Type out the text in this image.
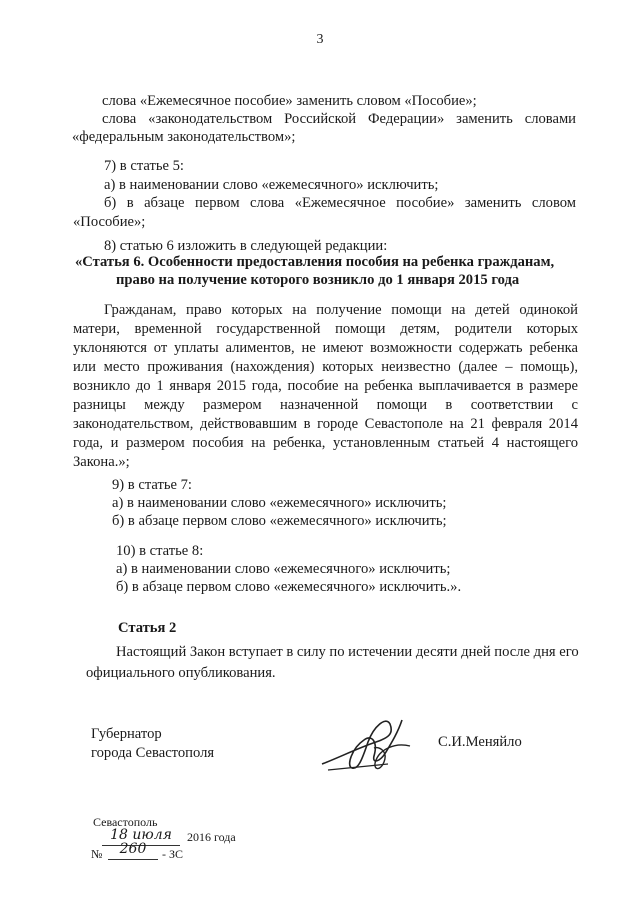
3
слова «Ежемесячное пособие» заменить словом «Пособие»;
слова «законодательством Российской Федерации» заменить словами
«федеральным законодательством»;
7) в статье 5:
а) в наименовании слово «ежемесячного» исключить;
б) в абзаце первом слова «Ежемесячное пособие» заменить словом
«Пособие»;
8) статью 6 изложить в следующей редакции:
«Статья 6. Особенности предоставления пособия на ребенка гражданам,
право на получение которого возникло до 1 января 2015 года
Гражданам, право которых на получение помощи на детей одинокой
матери, временной государственной помощи детям, родители которых
уклоняются от уплаты алиментов, не имеют возможности содержать ребенка
или место проживания (нахождения) которых неизвестно (далее – помощь),
возникло до 1 января 2015 года, пособие на ребенка выплачивается в размере
разницы между размером назначенной помощи в соответствии с
законодательством, действовавшим в городе Севастополе на 21 февраля 2014
года, и размером пособия на ребенка, установленным статьей 4 настоящего
Закона.»;
9) в статье 7:
а) в наименовании слово «ежемесячного» исключить;
б) в абзаце первом слово «ежемесячного» исключить;
10) в статье 8:
а) в наименовании слово «ежемесячного» исключить;
б) в абзаце первом слово «ежемесячного» исключить.».
Статья 2
Настоящий Закон вступает в силу по истечении десяти дней после дня его
официального опубликования.
Губернатор
города Севастополя
С.И.Меняйло
Севастополь
18 июля	2016 года
№	260	- ЗС
